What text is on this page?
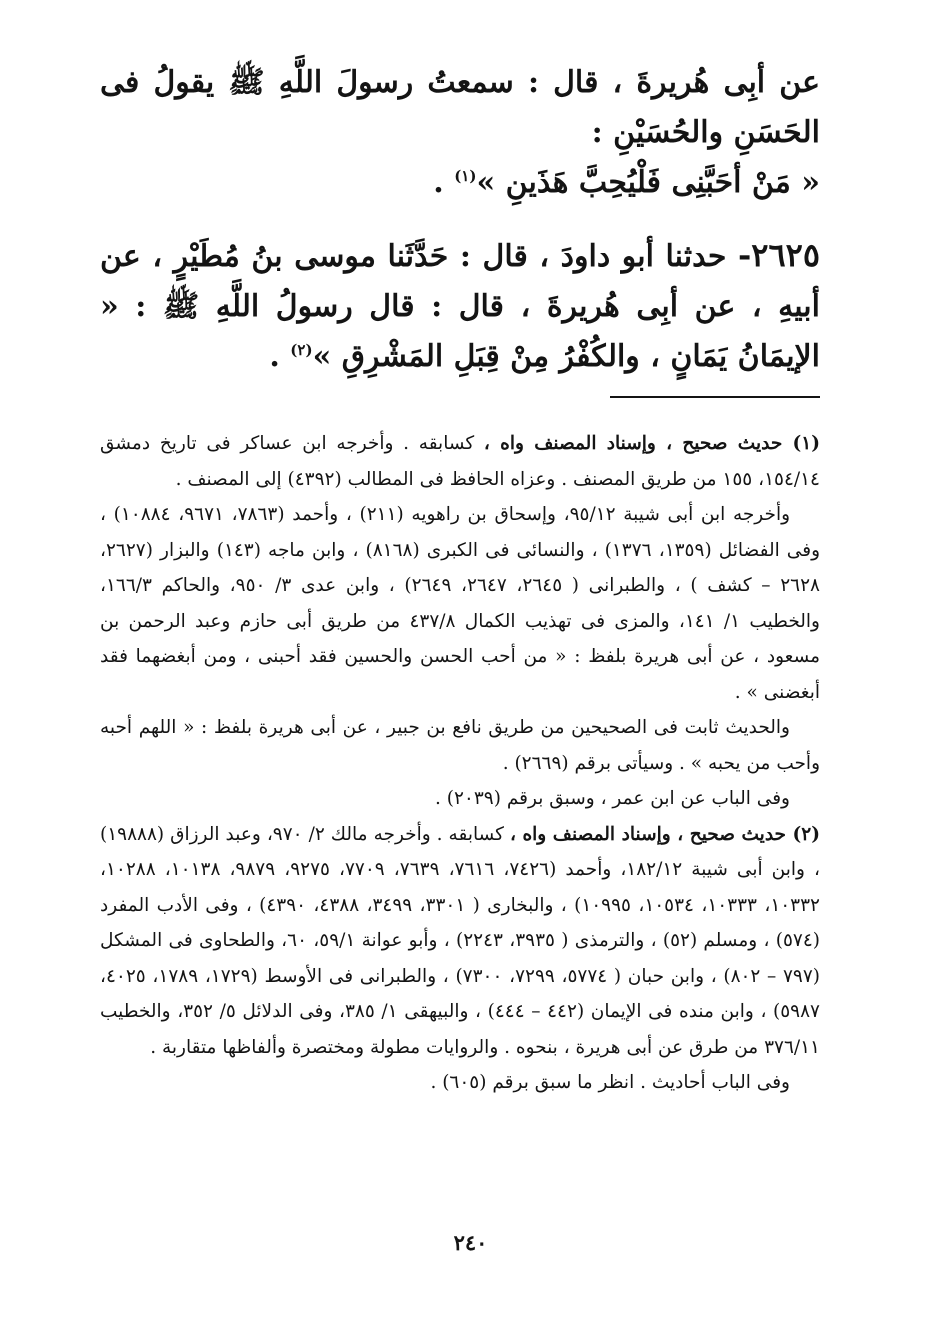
عن أبِى هُريرةَ ، قال : سمعتُ رسولَ اللَّهِ ﷺ يقولُ فى الحَسَنِ والحُسَيْنِ :
« مَنْ أحَبَّنِى فَلْيُحِبَّ هَذَينِ »$^{(١)}$ .

٢٦٢٥- حدثنا أبو داودَ ، قال : حَدَّثَنا موسى بنُ مُطَيْرٍ ، عن أبيهِ ، عن أبِى هُريرةَ ، قال : قال رسولُ اللَّهِ ﷺ : « الإيمَانُ يَمَانٍ ، والكُفْرُ مِنْ قِبَلِ المَشْرِقِ »$^{(٢)}$ .

(١) حديث صحيح ، وإسناد المصنف واه ، كسابقه . وأخرجه ابن عساكر فى تاريخ دمشق ١٥٤/١٤، ١٥٥ من طريق المصنف . وعزاه الحافظ فى المطالب (٤٣٩٢) إلى المصنف .

وأخرجه ابن أبى شيبة ٩٥/١٢، وإسحاق بن راهويه (٢١١) ، وأحمد (٧٨٦٣، ٩٦٧١، ١٠٨٨٤) ، وفى الفضائل (١٣٥٩، ١٣٧٦) ، والنسائى فى الكبرى (٨١٦٨) ، وابن ماجه (١٤٣) والبزار (٢٦٢٧، ٢٦٢٨ – كشف ) ، والطبرانى ( ٢٦٤٥، ٢٦٤٧، ٢٦٤٩) ، وابن عدى ٣/ ٩٥٠، والحاكم ١٦٦/٣، والخطيب ١/ ١٤١، والمزى فى تهذيب الكمال ٤٣٧/٨ من طريق أبى حازم وعبد الرحمن بن مسعود ، عن أبى هريرة بلفظ : « من أحب الحسن والحسين فقد أحبنى ، ومن أبغضهما فقد أبغضنى » .

والحديث ثابت فى الصحيحين من طريق نافع بن جبير ، عن أبى هريرة بلفظ : « اللهم أحبه وأحب من يحبه » . وسيأتى برقم (٢٦٦٩) .

وفى الباب عن ابن عمر ، وسبق برقم (٢٠٣٩) .

(٢) حديث صحيح ، وإسناد المصنف واه ، كسابقه . وأخرجه مالك ٢/ ٩٧٠، وعبد الرزاق (١٩٨٨٨) ، وابن أبى شيبة ١٨٢/١٢، وأحمد (٧٤٢٦، ٧٦١٦، ٧٦٣٩، ٧٧٠٩، ٩٢٧٥، ٩٨٧٩، ١٠١٣٨، ١٠٢٨٨، ١٠٣٣٢، ١٠٣٣٣، ١٠٥٣٤، ١٠٩٩٥) ، والبخارى ( ٣٣٠١، ٣٤٩٩، ٤٣٨٨، ٤٣٩٠) ، وفى الأدب المفرد (٥٧٤) ، ومسلم (٥٢) ، والترمذى ( ٣٩٣٥، ٢٢٤٣) ، وأبو عوانة ٥٩/١، ٦٠، والطحاوى فى المشكل (٧٩٧ – ٨٠٢) ، وابن حبان ( ٥٧٧٤، ٧٢٩٩، ٧٣٠٠) ، والطبرانى فى الأوسط (١٧٢٩، ١٧٨٩، ٤٠٢٥، ٥٩٨٧) ، وابن منده فى الإيمان (٤٤٢ – ٤٤٤) ، والبيهقى ١/ ٣٨٥، وفى الدلائل ٥/ ٣٥٢، والخطيب ٣٧٦/١١ من طرق عن أبى هريرة ، بنحوه . والروايات مطولة ومختصرة وألفاظها متقاربة .

وفى الباب أحاديث . انظر ما سبق برقم (٦٠٥) .

٢٤٠
